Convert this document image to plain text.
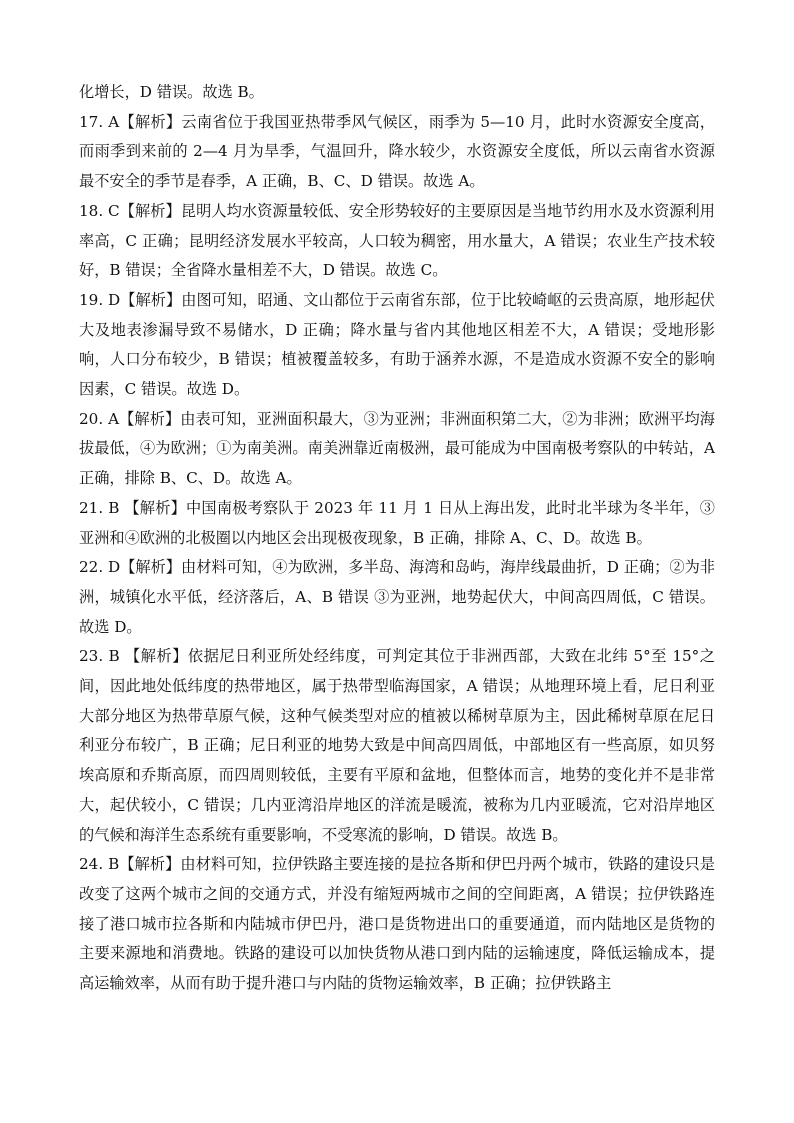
化增长，D 错误。故选 B。

17. A【解析】云南省位于我国亚热带季风气候区，雨季为 5—10 月，此时水资源安全度高，而雨季到来前的 2—4 月为旱季，气温回升，降水较少，水资源安全度低，所以云南省水资源最不安全的季节是春季，A 正确，B、C、D 错误。故选 A。

18. C【解析】昆明人均水资源量较低、安全形势较好的主要原因是当地节约用水及水资源利用率高，C 正确；昆明经济发展水平较高，人口较为稠密，用水量大，A 错误；农业生产技术较好，B 错误；全省降水量相差不大，D 错误。故选 C。

19. D【解析】由图可知，昭通、文山都位于云南省东部，位于比较崎岖的云贵高原，地形起伏大及地表渗漏导致不易储水，D 正确；降水量与省内其他地区相差不大，A 错误；受地形影响，人口分布较少，B 错误；植被覆盖较多，有助于涵养水源，不是造成水资源不安全的影响因素，C 错误。故选 D。

20. A【解析】由表可知，亚洲面积最大，③为亚洲；非洲面积第二大，②为非洲；欧洲平均海拔最低，④为欧洲；①为南美洲。南美洲靠近南极洲，最可能成为中国南极考察队的中转站，A 正确，排除 B、C、D。故选 A。

21. B 【解析】中国南极考察队于 2023 年 11 月 1 日从上海出发，此时北半球为冬半年，③亚洲和④欧洲的北极圈以内地区会出现极夜现象，B 正确，排除 A、C、D。故选 B。

22. D【解析】由材料可知，④为欧洲，多半岛、海湾和岛屿，海岸线最曲折，D 正确；②为非洲，城镇化水平低，经济落后，A、B 错误 ③为亚洲，地势起伏大，中间高四周低，C 错误。故选 D。

23. B 【解析】依据尼日利亚所处经纬度，可判定其位于非洲西部，大致在北纬 5°至 15°之间，因此地处低纬度的热带地区，属于热带型临海国家，A 错误；从地理环境上看，尼日利亚大部分地区为热带草原气候，这种气候类型对应的植被以稀树草原为主，因此稀树草原在尼日利亚分布较广，B 正确；尼日利亚的地势大致是中间高四周低，中部地区有一些高原，如贝努埃高原和乔斯高原，而四周则较低，主要有平原和盆地，但整体而言，地势的变化并不是非常大，起伏较小，C 错误；几内亚湾沿岸地区的洋流是暖流，被称为几内亚暖流，它对沿岸地区的气候和海洋生态系统有重要影响，不受寒流的影响，D 错误。故选 B。

24. B【解析】由材料可知，拉伊铁路主要连接的是拉各斯和伊巴丹两个城市，铁路的建设只是改变了这两个城市之间的交通方式，并没有缩短两城市之间的空间距离，A 错误；拉伊铁路连接了港口城市拉各斯和内陆城市伊巴丹，港口是货物进出口的重要通道，而内陆地区是货物的主要来源地和消费地。铁路的建设可以加快货物从港口到内陆的运输速度，降低运输成本，提高运输效率，从而有助于提升港口与内陆的货物运输效率，B 正确；拉伊铁路主
